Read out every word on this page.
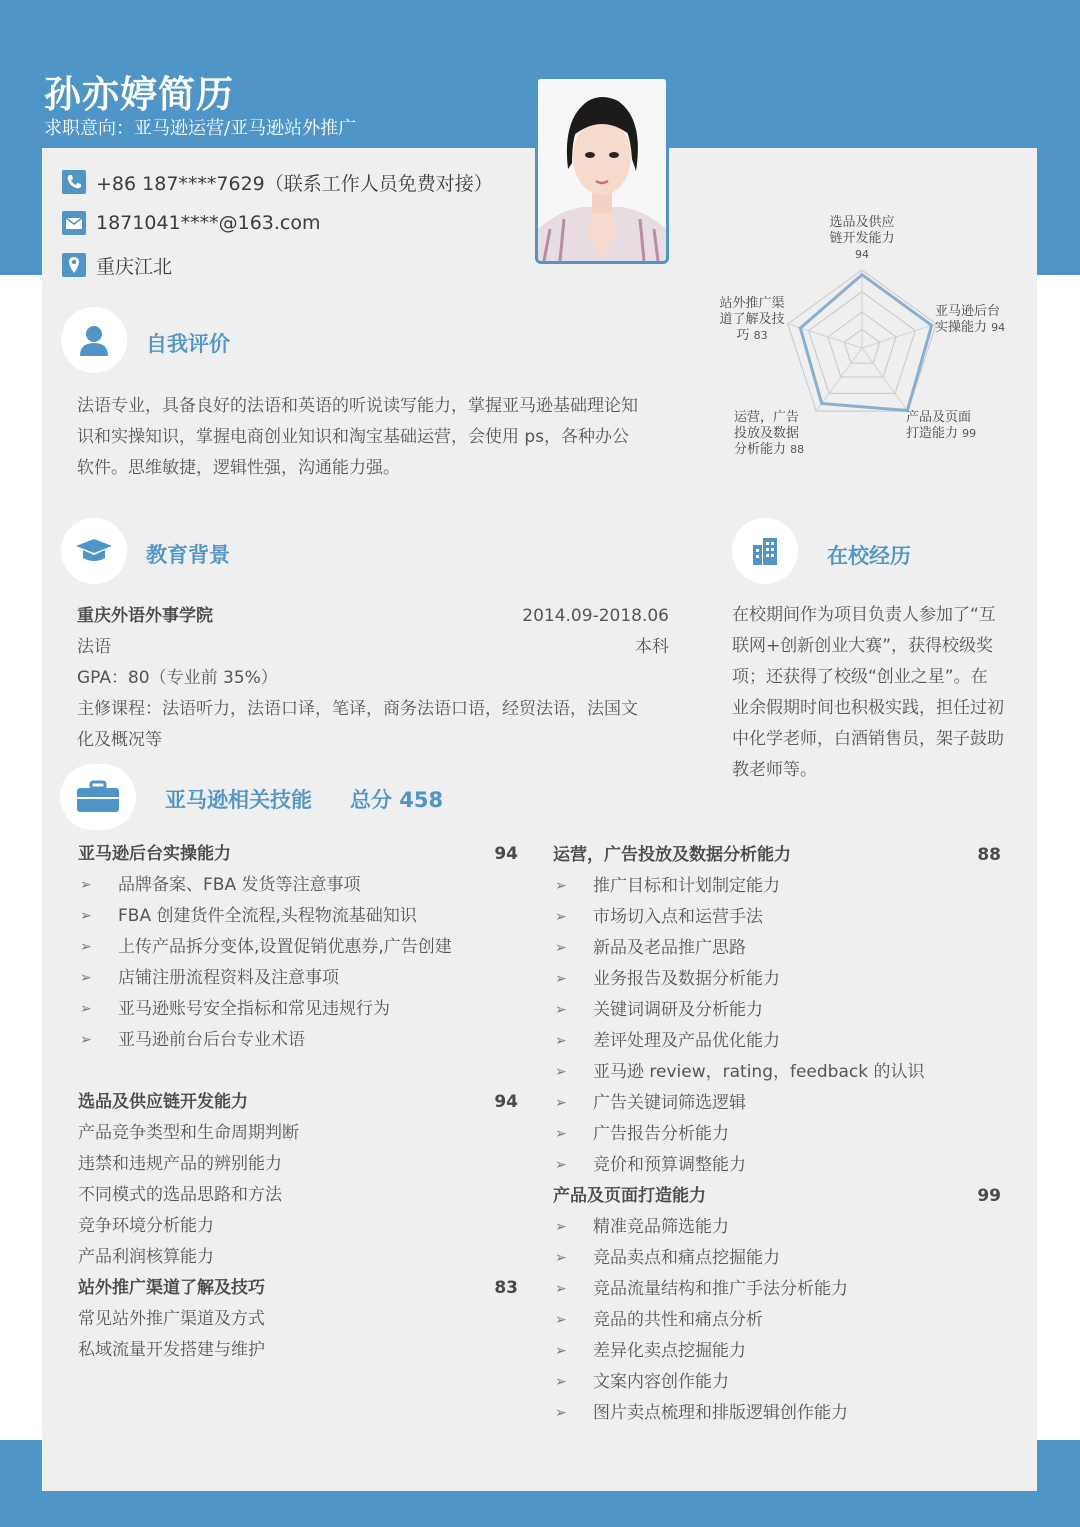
孙亦婷简历
求职意向：亚马逊运营/亚马逊站外推广
+86 187****7629（联系工作人员免费对接）
1871041****@163.com
重庆江北
选品及供应
链开发能力
94
亚马逊后台
实操能力 94
产品及页面
打造能力 99
运营，广告
投放及数据
分析能力 88
站外推广渠
道了解及技
巧 83
自我评价
法语专业，具备良好的法语和英语的听说读写能力，掌握亚马逊基础理论知
识和实操知识，掌握电商创业知识和淘宝基础运营，会使用 ps，各种办公
软件。思维敏捷，逻辑性强，沟通能力强。
教育背景
重庆外语外事学院	2014.09-2018.06
法语	本科
GPA：80（专业前 35%）
主修课程：法语听力，法语口译，笔译，商务法语口语，经贸法语，法国文
化及概况等
在校经历
在校期间作为项目负责人参加了“互
联网+创新创业大赛”，获得校级奖
项；还获得了校级“创业之星”。在
业余假期时间也积极实践，担任过初
中化学老师，白酒销售员，架子鼓助
教老师等。
亚马逊相关技能 总分 458
亚马逊后台实操能力	94
➢	品牌备案、FBA 发货等注意事项
➢	FBA 创建货件全流程,头程物流基础知识
➢	上传产品拆分变体,设置促销优惠券,广告创建
➢	店铺注册流程资料及注意事项
➢	亚马逊账号安全指标和常见违规行为
➢	亚马逊前台后台专业术语
选品及供应链开发能力	94
产品竞争类型和生命周期判断
违禁和违规产品的辨别能力
不同模式的选品思路和方法
竞争环境分析能力
产品利润核算能力
站外推广渠道了解及技巧	83
常见站外推广渠道及方式
私域流量开发搭建与维护
运营，广告投放及数据分析能力	88
➢	推广目标和计划制定能力
➢	市场切入点和运营手法
➢	新品及老品推广思路
➢	业务报告及数据分析能力
➢	关键词调研及分析能力
➢	差评处理及产品优化能力
➢	亚马逊 review，rating，feedback 的认识
➢	广告关键词筛选逻辑
➢	广告报告分析能力
➢	竞价和预算调整能力
产品及页面打造能力	99
➢	精准竞品筛选能力
➢	竞品卖点和痛点挖掘能力
➢	竞品流量结构和推广手法分析能力
➢	竞品的共性和痛点分析
➢	差异化卖点挖掘能力
➢	文案内容创作能力
➢	图片卖点梳理和排版逻辑创作能力
